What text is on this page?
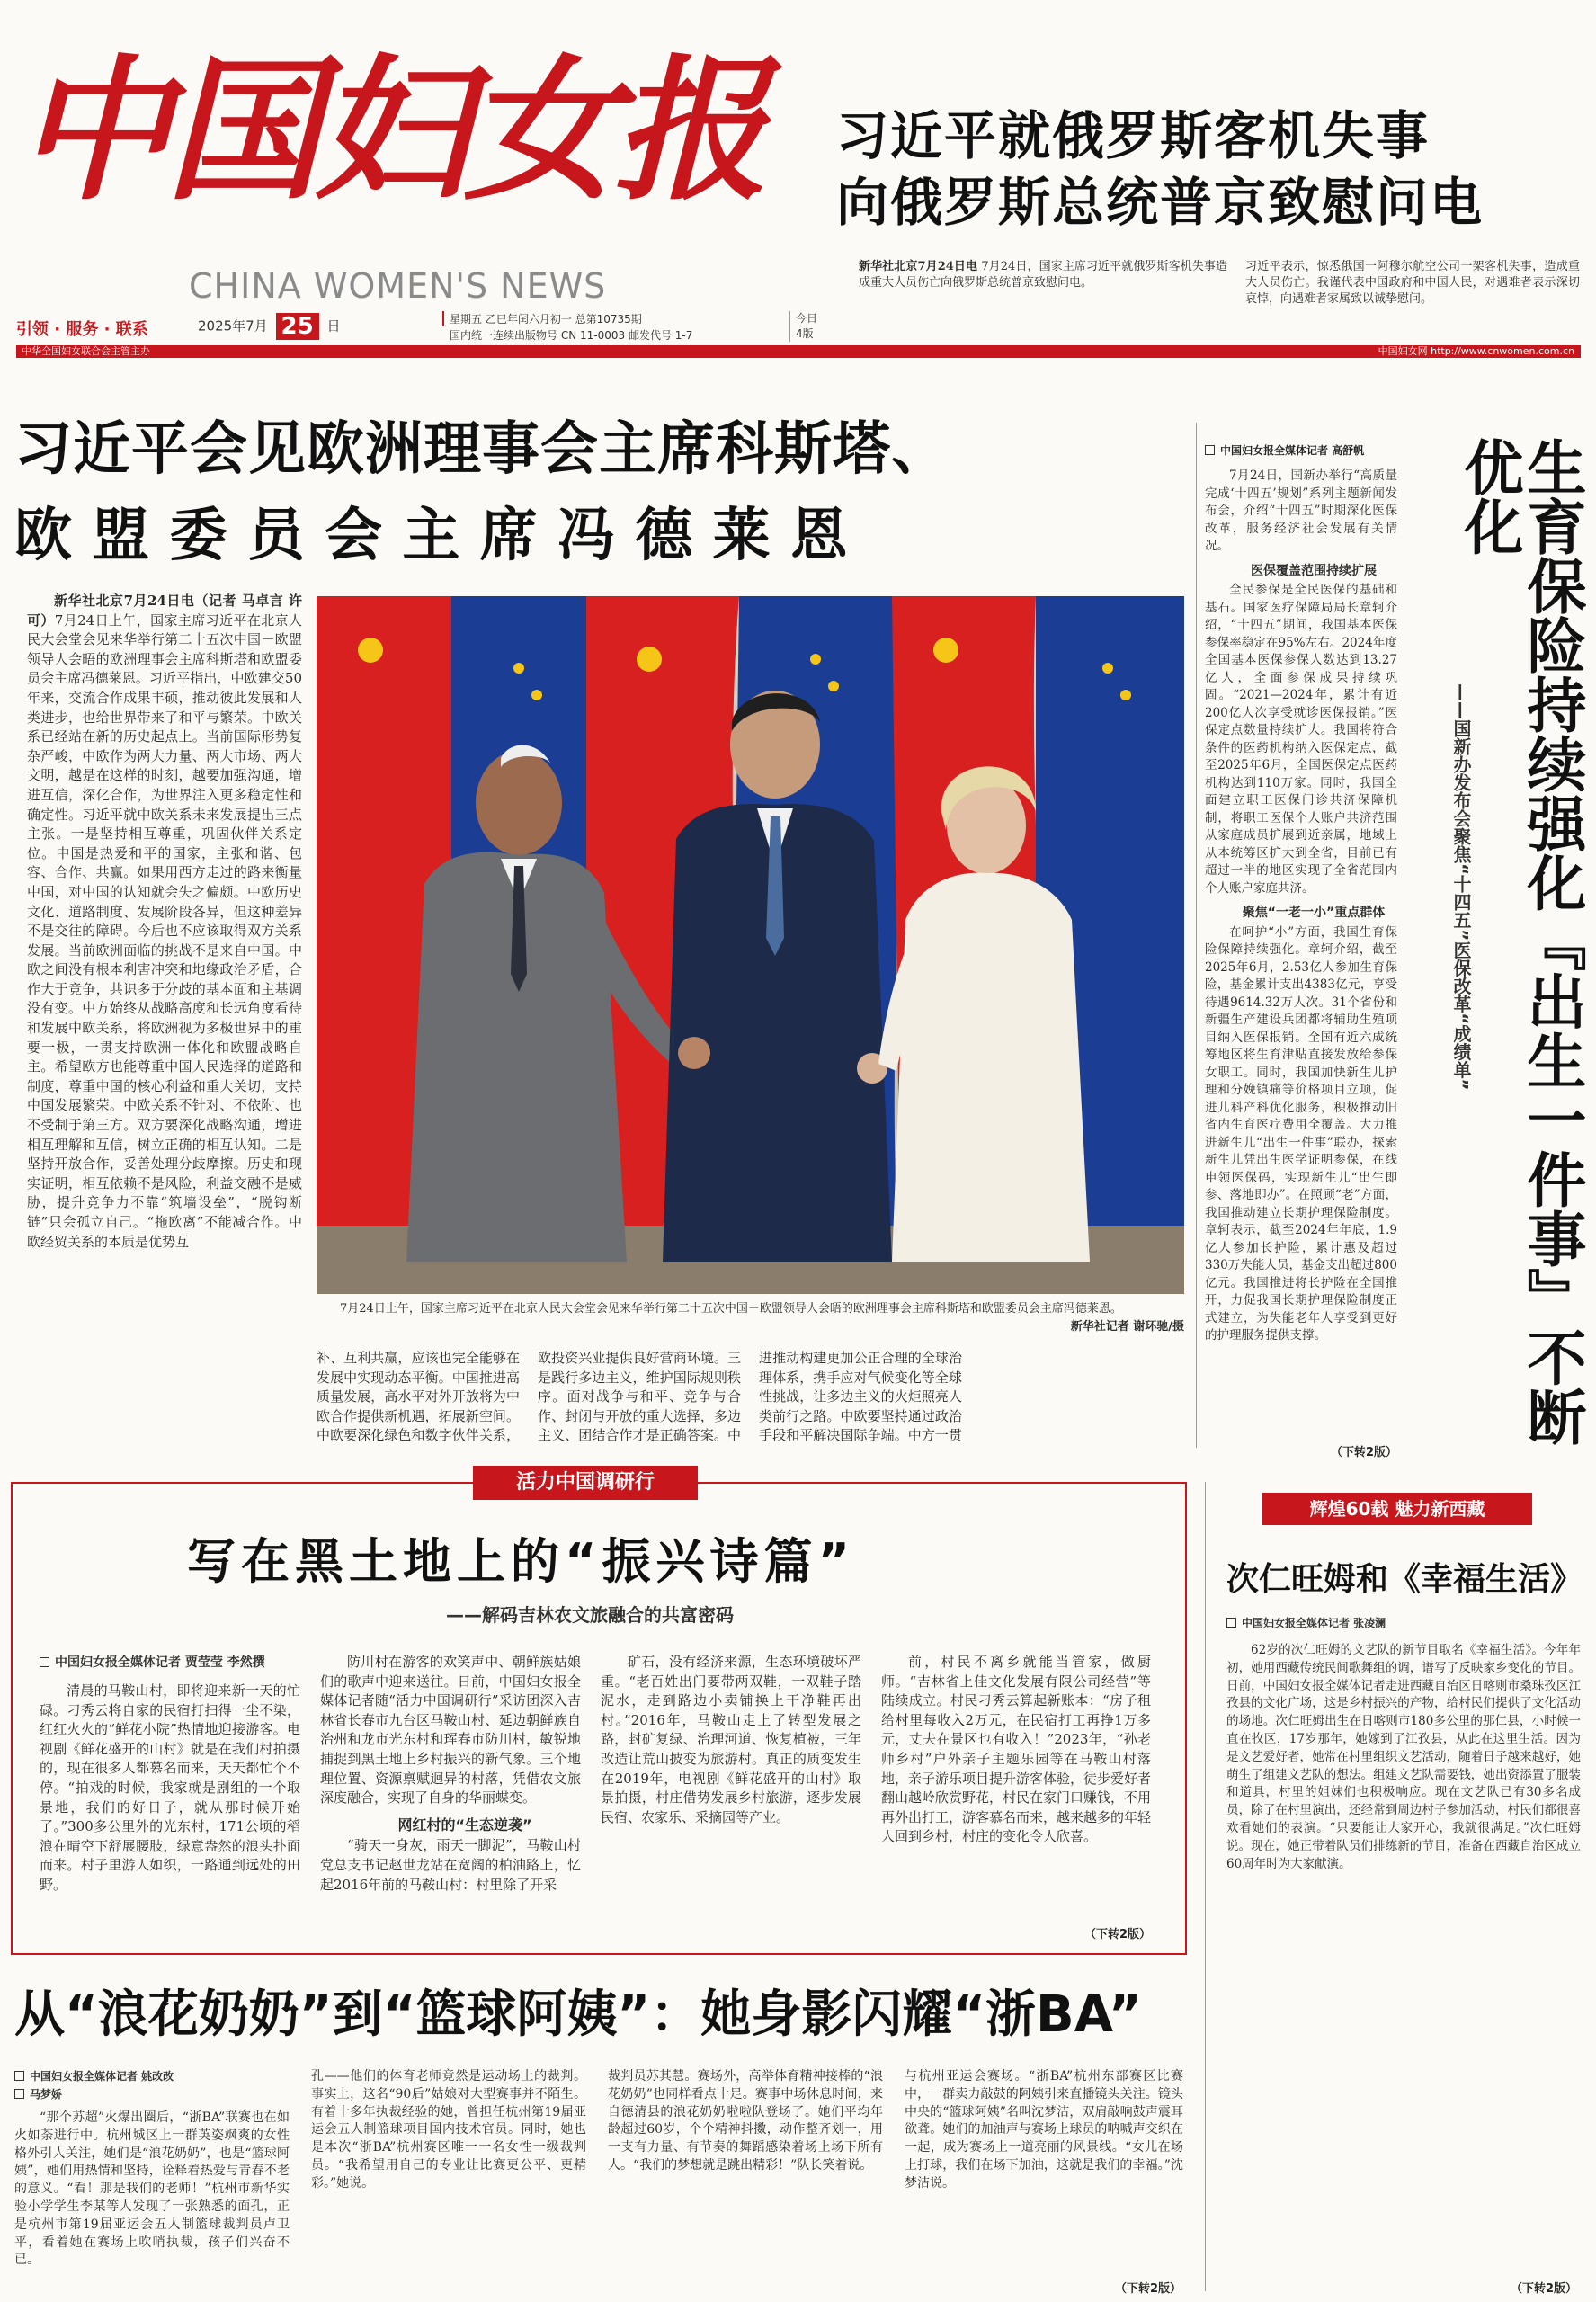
中国妇女报
CHINA WOMEN'S NEWS
引领 · 服务 · 联系	2025年7月 25 日	星期五 乙巳年闰六月初一 总第10735期
国内统一连续出版物号 CN 11-0003 邮发代号 1-7
今日 4版
中华全国妇女联合会主管主办	中国妇女网 http://www.cnwomen.com.cn
习近平就俄罗斯客机失事
向俄罗斯总统普京致慰问电
新华社北京7月24日电 7月24日，国家主席习近平就俄罗斯客机失事造成重大人员伤亡向俄罗斯总统普京致慰问电。
习近平表示，惊悉俄国一阿穆尔航空公司一架客机失事，造成重大人员伤亡。我谨代表中国政府和中国人民，对遇难者表示深切哀悼，向遇难者家属致以诚挚慰问。
习近平会见欧洲理事会主席科斯塔、
欧 盟 委 员 会 主 席 冯 德 莱 恩

新华社北京7月24日电（记者 马卓言 许可）7月24日上午，国家主席习近平在北京人民大会堂会见来华举行第二十五次中国－欧盟领导人会晤的欧洲理事会主席科斯塔和欧盟委员会主席冯德莱恩。习近平指出，中欧建交50年来，交流合作成果丰硕，推动彼此发展和人类进步，也给世界带来了和平与繁荣。中欧关系已经站在新的历史起点上。当前国际形势复杂严峻，中欧作为两大力量、两大市场、两大文明，越是在这样的时刻，越要加强沟通，增进互信，深化合作，为世界注入更多稳定性和确定性。习近平就中欧关系未来发展提出三点主张。一是坚持相互尊重，巩固伙伴关系定位。中国是热爱和平的国家，主张和谐、包容、合作、共赢。如果用西方走过的路来衡量中国，对中国的认知就会失之偏颇。中欧历史文化、道路制度、发展阶段各异，但这种差异不是交往的障碍。今后也不应该取得双方关系发展。当前欧洲面临的挑战不是来自中国。中欧之间没有根本利害冲突和地缘政治矛盾，合作大于竞争，共识多于分歧的基本面和主基调没有变。中方始终从战略高度和长远角度看待和发展中欧关系，将欧洲视为多极世界中的重要一极，一贯支持欧洲一体化和欧盟战略自主。希望欧方也能尊重中国人民选择的道路和制度，尊重中国的核心利益和重大关切，支持中国发展繁荣。中欧关系不针对、不依附、也不受制于第三方。双方要深化战略沟通，增进相互理解和互信，树立正确的相互认知。二是坚持开放合作，妥善处理分歧摩擦。历史和现实证明，相互依赖不是风险，利益交融不是威胁，提升竞争力不靠“筑墙设垒”，“脱钩断链”只会孤立自己。“拖欧离”不能减合作。中欧经贸关系的本质是优势互

7月24日上午，国家主席习近平在北京人民大会堂会见来华举行第二十五次中国－欧盟领导人会晤的欧洲理事会主席科斯塔和欧盟委员会主席冯德莱恩。
新华社记者 谢环驰/摄

补、互利共赢，应该也完全能够在发展中实现动态平衡。中国推进高质量发展，高水平对外开放将为中欧合作提供新机遇，拓展新空间。中欧要深化绿色和数字伙伴关系，

欧投资兴业提供良好营商环境。三是践行多边主义，维护国际规则秩序。面对战争与和平、竞争与合作、封闭与开放的重大选择，多边主义、团结合作才是正确答案。中

进推动构建更加公正合理的全球治理体系，携手应对气候变化等全球性挑战，让多边主义的火炬照亮人类前行之路。中欧要坚持通过政治手段和平解决国际争端。中方一贯

中国妇女报全媒体记者 高舒帆

7月24日，国新办举行“高质量完成‘十四五’规划”系列主题新闻发布会，介绍“十四五”时期深化医保改革，服务经济社会发展有关情况。

医保覆盖范围持续扩展

全民参保是全民医保的基础和基石。国家医疗保障局局长章轲介绍，“十四五”期间，我国基本医保参保率稳定在95%左右。2024年度全国基本医保参保人数达到13.27亿人，全面参保成果持续巩固。“2021—2024年，累计有近200亿人次享受就诊医保报销。”医保定点数量持续扩大。我国将符合条件的医药机构纳入医保定点，截至2025年6月，全国医保定点医药机构达到110万家。同时，我国全面建立职工医保门诊共济保障机制，将职工医保个人账户共济范围从家庭成员扩展到近亲属，地域上从本统筹区扩大到全省，目前已有超过一半的地区实现了全省范围内个人账户家庭共济。

聚焦“一老一小”重点群体

在呵护“小”方面，我国生育保险保障持续强化。章轲介绍，截至2025年6月，2.53亿人参加生育保险，基金累计支出4383亿元，享受待遇9614.32万人次。31个省份和新疆生产建设兵团都将辅助生殖项目纳入医保报销。全国有近六成统筹地区将生育津贴直接发放给参保女职工。同时，我国加快新生儿护理和分娩镇痛等价格项目立项，促进儿科产科优化服务，积极推动旧省内生育医疗费用全覆盖。大力推进新生儿“出生一件事”联办，探索新生儿凭出生医学证明参保，在线申领医保码，实现新生儿“出生即参、落地即办”。在照顾“老”方面，我国推动建立长期护理保险制度。章轲表示，截至2024年年底，1.9亿人参加长护险，累计惠及超过330万失能人员，基金支出超过800亿元。我国推进将长护险在全国推开，力促我国长期护理保险制度正式建立，为失能老年人享受到更好的护理服务提供支撑。

（下转2版）
生育保险持续强化『出生一件事』不断优化
——国新办发布会聚焦“十四五”医保改革“成绩单”
活力中国调研行
写在黑土地上的“振兴诗篇”
——解码吉林农文旅融合的共富密码
中国妇女报全媒体记者 贾莹莹 李然撰

清晨的马鞍山村，即将迎来新一天的忙碌。刁秀云将自家的民宿打扫得一尘不染，红红火火的“鲜花小院”热情地迎接游客。电视剧《鲜花盛开的山村》就是在我们村拍摄的，现在很多人都慕名而来，天天都忙个不停。“拍戏的时候，我家就是剧组的一个取景地，我们的好日子，就从那时候开始了。”300多公里外的光东村，171公顷的稻浪在晴空下舒展腰肢，绿意盎然的浪头扑面而来。村子里游人如织，一路通到远处的田野。

防川村在游客的欢笑声中、朝鲜族姑娘们的歌声中迎来送往。日前，中国妇女报全媒体记者随“活力中国调研行”采访团深入吉林省长春市九台区马鞍山村、延边朝鲜族自治州和龙市光东村和珲春市防川村，敏锐地捕捉到黑土地上乡村振兴的新气象。三个地理位置、资源禀赋迥异的村落，凭借农文旅深度融合，实现了自身的华丽蝶变。

网红村的“生态逆袭”

“骑天一身灰，雨天一脚泥”，马鞍山村党总支书记赵世龙站在宽阔的柏油路上，忆起2016年前的马鞍山村：村里除了开采

矿石，没有经济来源，生态环境破坏严重。“老百姓出门要带两双鞋，一双鞋子踏泥水，走到路边小卖铺换上干净鞋再出村。”2016年，马鞍山走上了转型发展之路，封矿复绿、治理河道、恢复植被，三年改造让荒山披变为旅游村。真正的质变发生在2019年，电视剧《鲜花盛开的山村》取景拍摄，村庄借势发展乡村旅游，逐步发展民宿、农家乐、采摘园等产业。

前，村民不离乡就能当管家，做厨师。“吉林省上佳文化发展有限公司经营”等陆续成立。村民刁秀云算起新账本：“房子租给村里每收入2万元，在民宿打工再挣1万多元，丈夫在景区也有收入！”2023年，“孙老师乡村”户外亲子主题乐园等在马鞍山村落地，亲子游乐项目提升游客体验，徒步爱好者翻山越岭欣赏野花，村民在家门口赚钱，不用再外出打工，游客慕名而来，越来越多的年轻人回到乡村，村庄的变化令人欣喜。

（下转2版）
辉煌60载 魅力新西藏
次仁旺姆和《幸福生活》
中国妇女报全媒体记者 张凌澜

62岁的次仁旺姆的文艺队的新节目取名《幸福生活》。今年年初，她用西藏传统民间歌舞组的调，谱写了反映家乡变化的节目。日前，中国妇女报全媒体记者走进西藏自治区日喀则市桑珠孜区江孜县的文化广场，这是乡村振兴的产物，给村民们提供了文化活动的场地。次仁旺姆出生在日喀则市180多公里的那仁县，小时候一直在牧区，17岁那年，她嫁到了江孜县，从此在这里生活。因为是文艺爱好者，她常在村里组织文艺活动，随着日子越来越好，她萌生了组建文艺队的想法。组建文艺队需要钱，她出资添置了服装和道具，村里的姐妹们也积极响应。现在文艺队已有30多名成员，除了在村里演出，还经常到周边村子参加活动，村民们都很喜欢看她们的表演。“只要能让大家开心，我就很满足。”次仁旺姆说。现在，她正带着队员们排练新的节目，准备在西藏自治区成立60周年时为大家献演。

（下转2版）
从“浪花奶奶”到“篮球阿姨”：她身影闪耀“浙BA”
中国妇女报全媒体记者 姚改改
马梦娇

“那个苏超”火爆出圈后，“浙BA”联赛也在如火如荼进行中。杭州城区上一群英姿飒爽的女性格外引人关注，她们是“浪花奶奶”，也是“篮球阿姨”，她们用热情和坚持，诠释着热爱与青春不老的意义。“看！那是我们的老师！”杭州市新华实验小学学生李某等人发现了一张熟悉的面孔，正是杭州市第19届亚运会五人制篮球裁判员卢卫平，看着她在赛场上吹哨执裁，孩子们兴奋不已。

孔——他们的体育老师竟然是运动场上的裁判。事实上，这名“90后”姑娘对大型赛事并不陌生。有着十多年执裁经验的她，曾担任杭州第19届亚运会五人制篮球项目国内技术官员。同时，她也是本次“浙BA”杭州赛区唯一一名女性一级裁判员。“我希望用自己的专业让比赛更公平、更精彩。”她说。

裁判员苏其慧。赛场外，高举体育精神接棒的“浪花奶奶”也同样看点十足。赛事中场休息时间，来自德清县的浪花奶奶啦啦队登场了。她们平均年龄超过60岁，个个精神抖擞，动作整齐划一，用一支有力量、有节奏的舞蹈感染着场上场下所有人。“我们的梦想就是跳出精彩！”队长笑着说。

与杭州亚运会赛场。“浙BA”杭州东部赛区比赛中，一群卖力敲鼓的阿姨引来直播镜头关注。镜头中央的“篮球阿姨”名叫沈梦洁，双肩敲响鼓声震耳欲聋。她们的加油声与赛场上球员的呐喊声交织在一起，成为赛场上一道亮丽的风景线。“女儿在场上打球，我们在场下加油，这就是我们的幸福。”沈梦洁说。

（下转2版）
